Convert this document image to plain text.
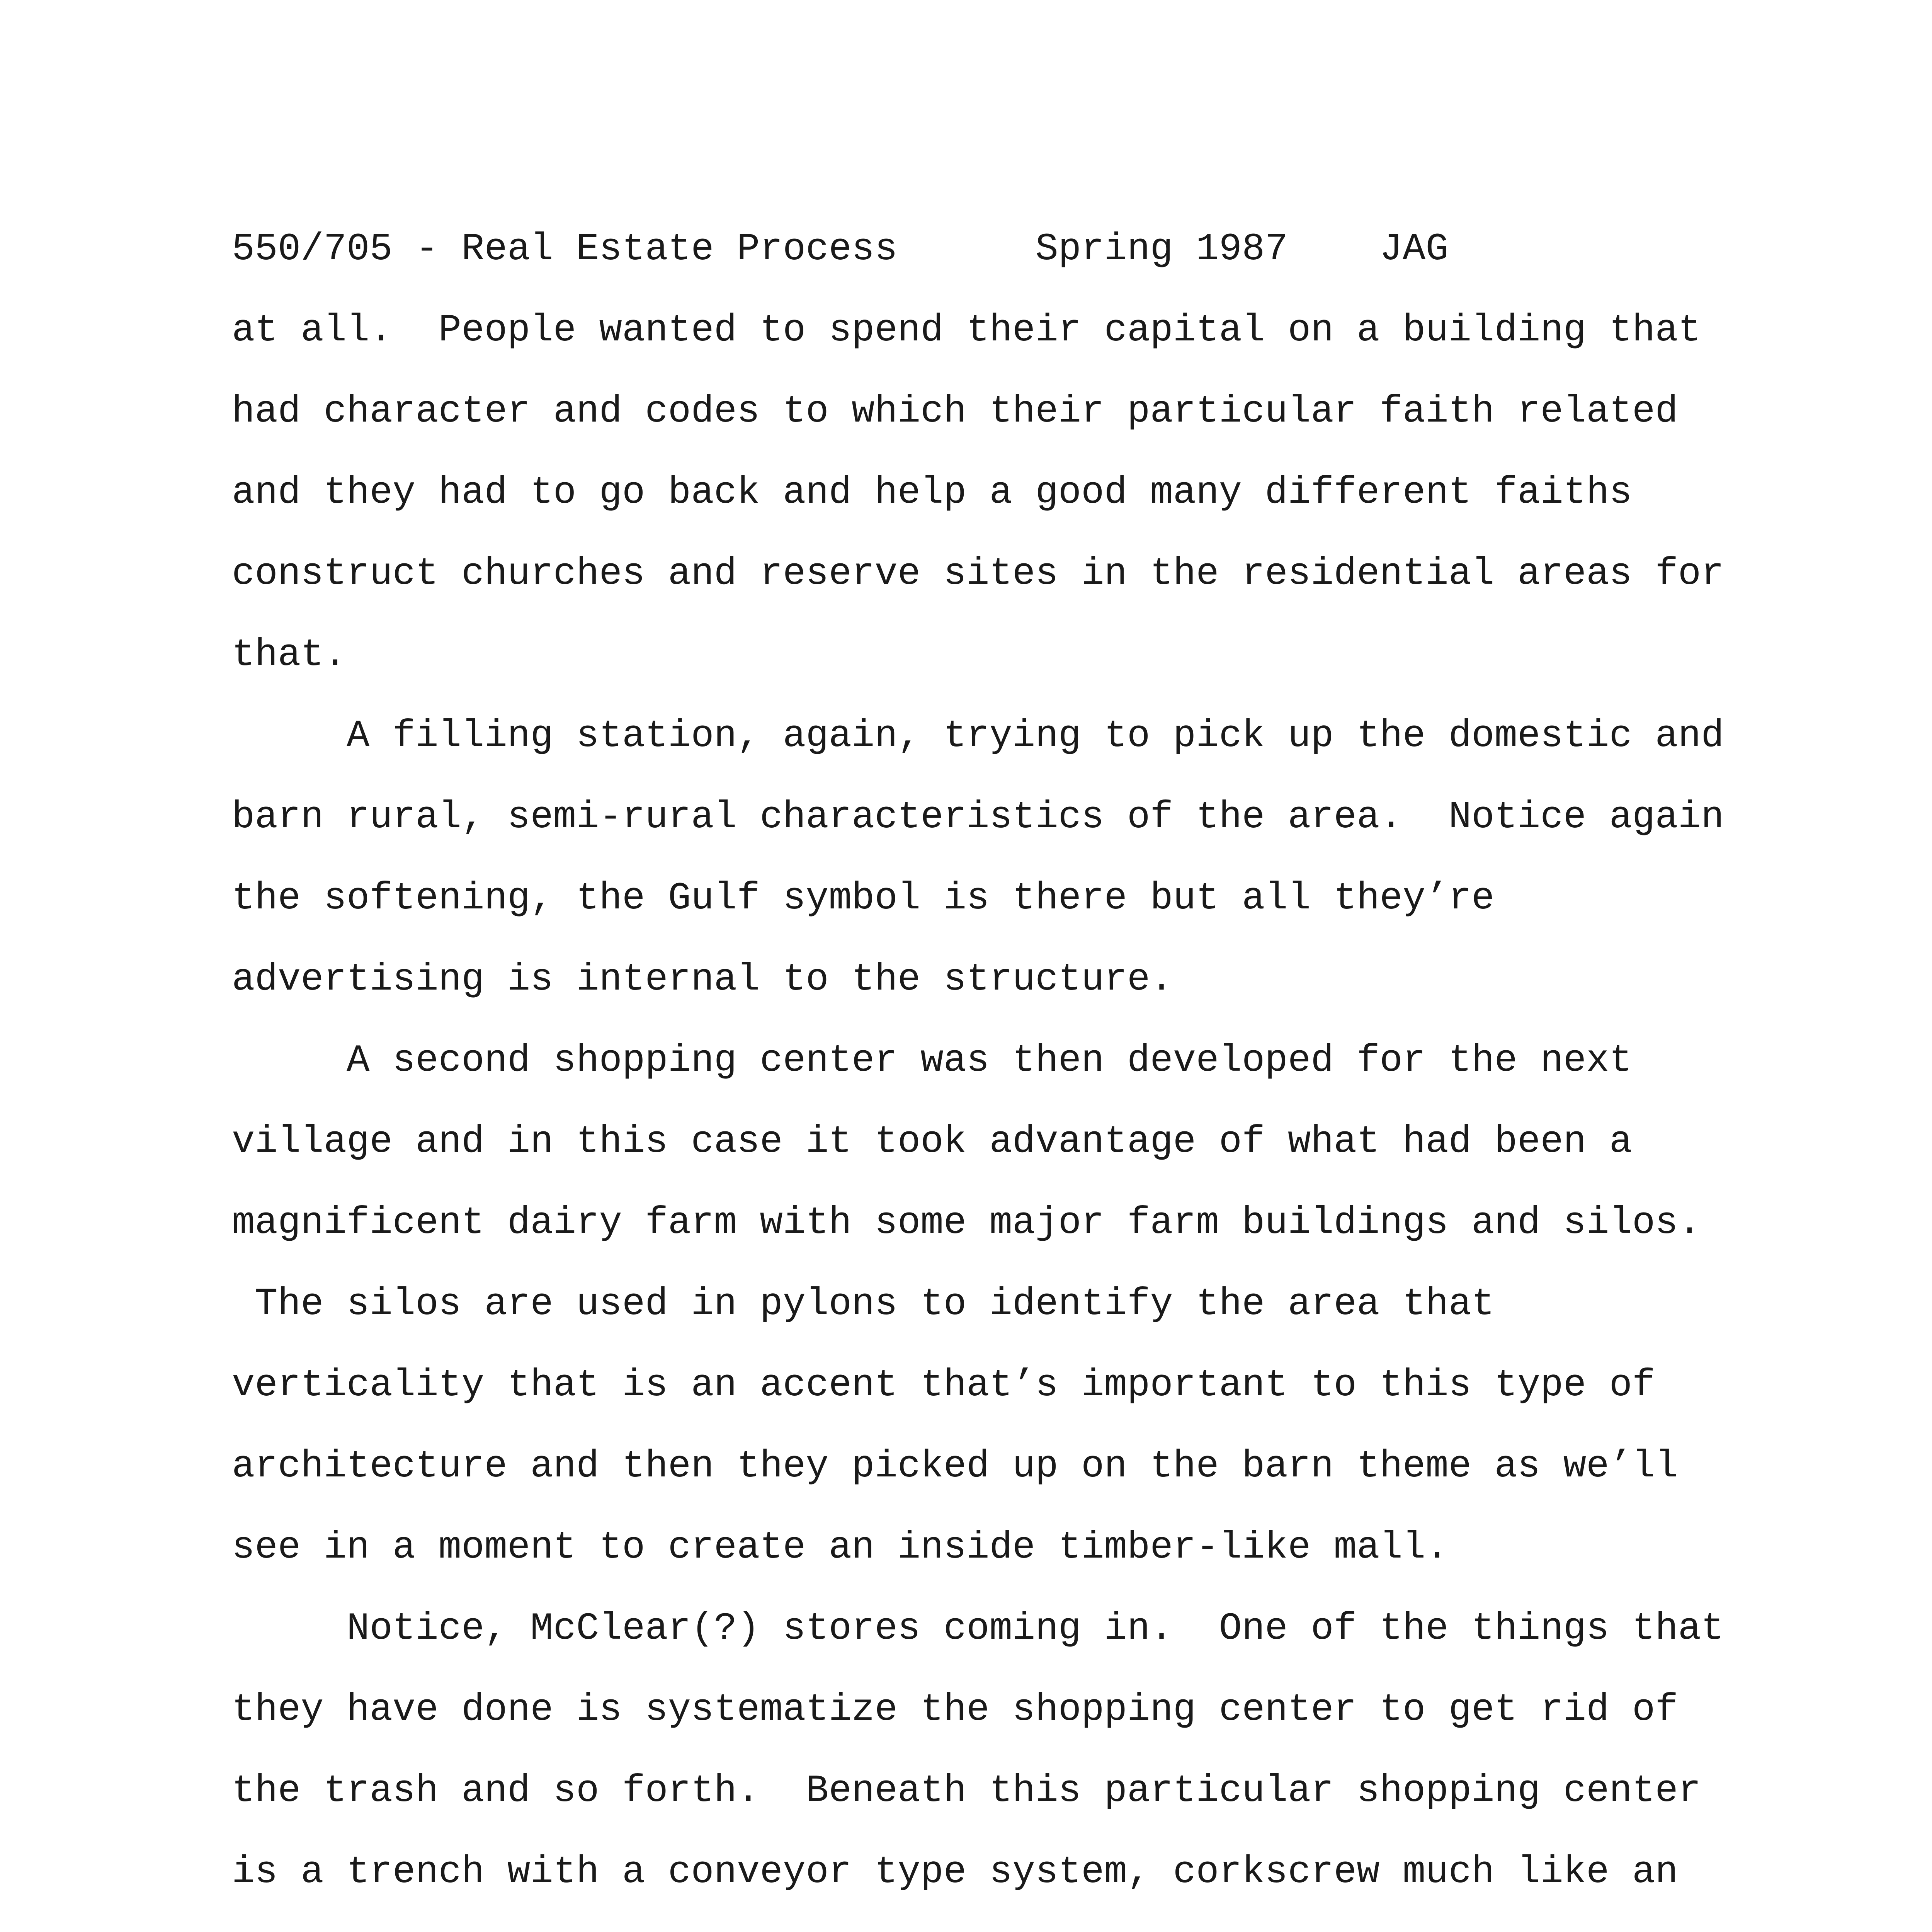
550/705 - Real Estate Process	Spring 1987 JAG
at all.  People wanted to spend their capital on a building that
had character and codes to which their particular faith related
and they had to go back and help a good many different faiths
construct churches and reserve sites in the residential areas for
that.
A filling station, again, trying to pick up the domestic and
barn rural, semi-rural characteristics of the area.  Notice again
the softening, the Gulf symbol is there but all they’re
advertising is internal to the structure.
A second shopping center was then developed for the next
village and in this case it took advantage of what had been a
magnificent dairy farm with some major farm buildings and silos.
The silos are used in pylons to identify the area that
verticality that is an accent that’s important to this type of
architecture and then they picked up on the barn theme as we’ll
see in a moment to create an inside timber-like mall.
Notice, McClear(?) stores coming in.  One of the things that
they have done is systematize the shopping center to get rid of
the trash and so forth.  Beneath this particular shopping center
is a trench with a conveyor type system, corkscrew much like an
